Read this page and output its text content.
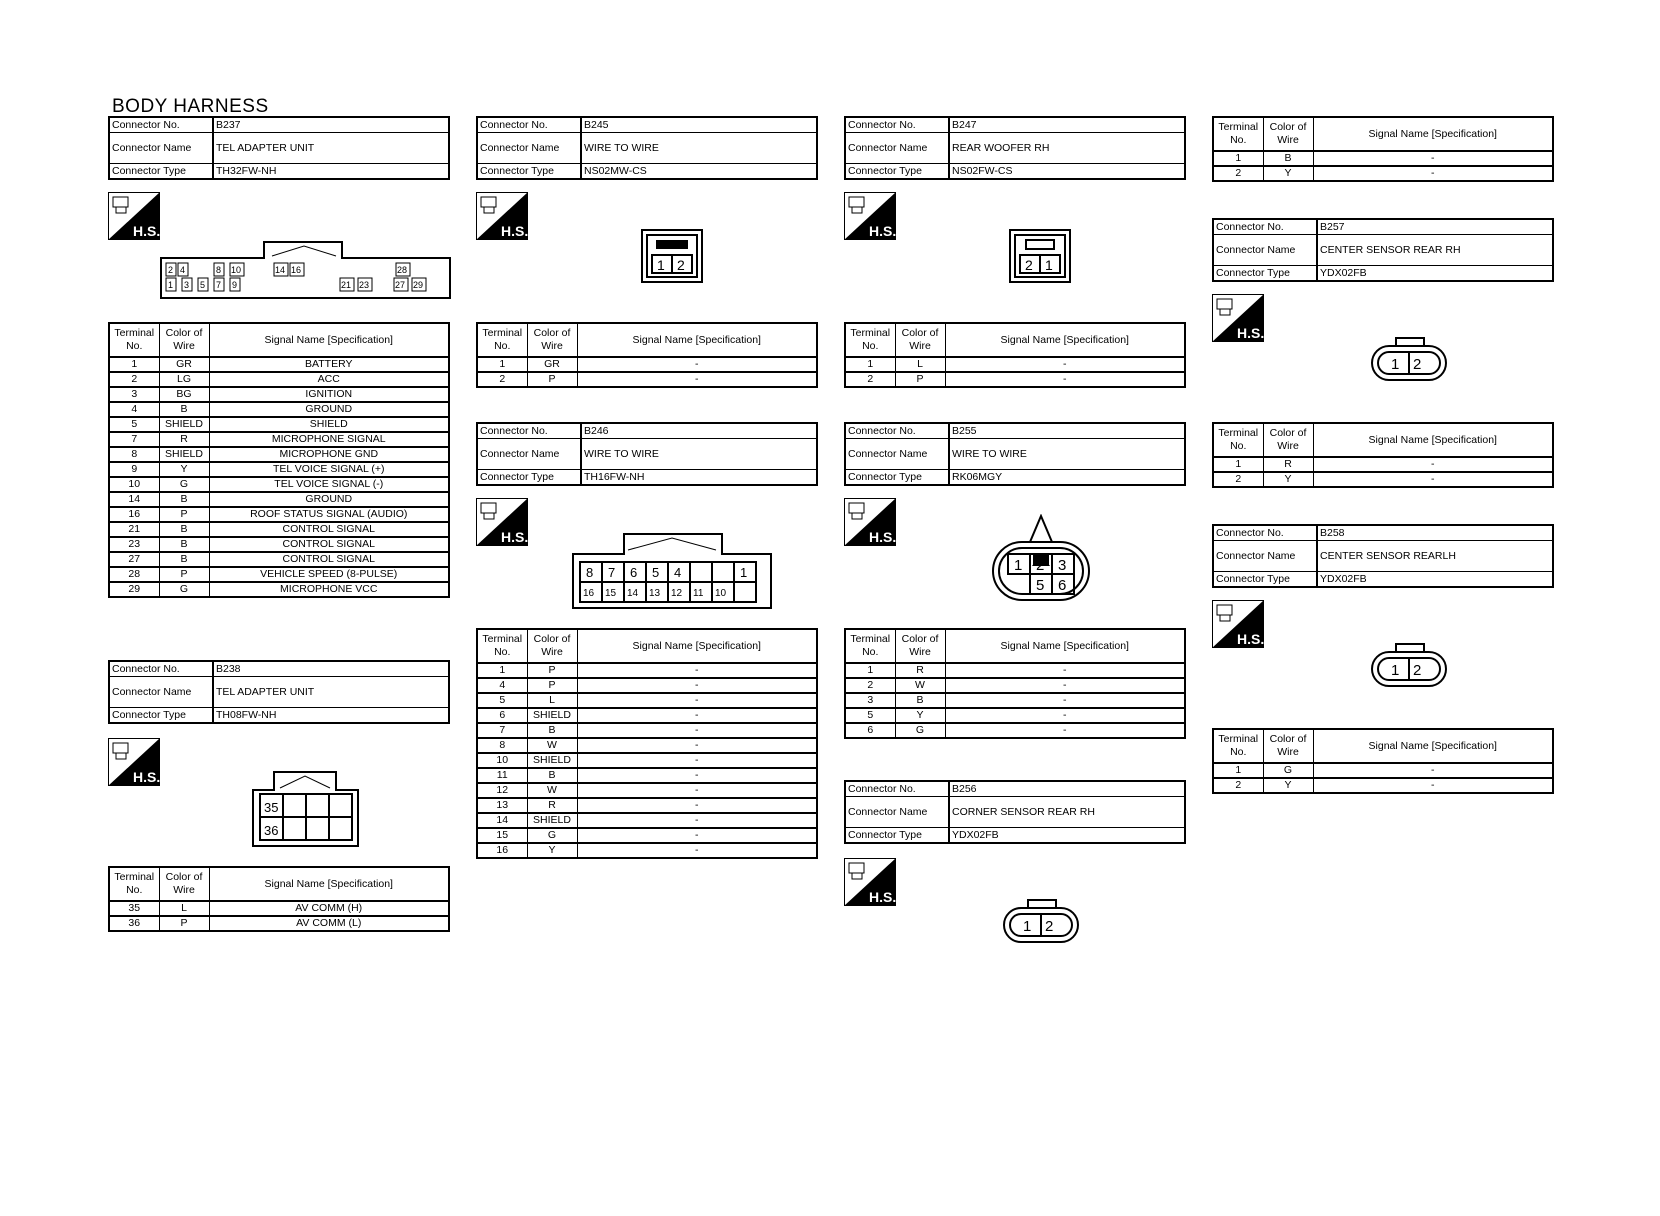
BODY HARNESS
Connector No.	B237
Connector Name	TEL ADAPTER UNIT
Connector Type	TH32FW-NH
H.S.
2 4	8 10	14 16	28
1 3 5 7 9	21 23	27 29
Terminal No.	Color of Wire	Signal Name [Specification]
1	GR	BATTERY
2	LG	ACC
3	BG	IGNITION
4	B	GROUND
5	SHIELD	SHIELD
7	R	MICROPHONE SIGNAL
8	SHIELD	MICROPHONE GND
9	Y	TEL VOICE SIGNAL (+)
10	G	TEL VOICE SIGNAL (-)
14	B	GROUND
16	P	ROOF STATUS SIGNAL (AUDIO)
21	B	CONTROL SIGNAL
23	B	CONTROL SIGNAL
27	B	CONTROL SIGNAL
28	P	VEHICLE SPEED (8-PULSE)
29	G	MICROPHONE VCC
Connector No.	B238
Connector Name	TEL ADAPTER UNIT
Connector Type	TH08FW-NH
H.S.
35
36
Terminal No.	Color of Wire	Signal Name [Specification]
35	L	AV COMM (H)
36	P	AV COMM (L)
Connector No.	B245
Connector Name	WIRE TO WIRE
Connector Type	NS02MW-CS
H.S.
1 2
Terminal No.	Color of Wire	Signal Name [Specification]
1	GR	-
2	P	-
Connector No.	B246
Connector Name	WIRE TO WIRE
Connector Type	TH16FW-NH
H.S.
8 7 6 5 4	1
16 15 14 13 12 11 10
Terminal No.	Color of Wire	Signal Name [Specification]
1	P	-
4	P	-
5	L	-
6	SHIELD	-
7	B	-
8	W	-
10	SHIELD	-
11	B	-
12	W	-
13	R	-
14	SHIELD	-
15	G	-
16	Y	-
Connector No.	B247
Connector Name	REAR WOOFER RH
Connector Type	NS02FW-CS
H.S.
2 1
Terminal No.	Color of Wire	Signal Name [Specification]
1	L	-
2	P	-
Connector No.	B255
Connector Name	WIRE TO WIRE
Connector Type	RK06MGY
H.S.
1 2 3
5 6
Terminal No.	Color of Wire	Signal Name [Specification]
1	R	-
2	W	-
3	B	-
5	Y	-
6	G	-
Connector No.	B256
Connector Name	CORNER SENSOR REAR RH
Connector Type	YDX02FB
H.S.
1 2
Terminal No.	Color of Wire	Signal Name [Specification]
1	B	-
2	Y	-
Connector No.	B257
Connector Name	CENTER SENSOR REAR RH
Connector Type	YDX02FB
H.S.
1 2
Terminal No.	Color of Wire	Signal Name [Specification]
1	R	-
2	Y	-
Connector No.	B258
Connector Name	CENTER SENSOR REARLH
Connector Type	YDX02FB
H.S.
1 2
Terminal No.	Color of Wire	Signal Name [Specification]
1	G	-
2	Y	-
